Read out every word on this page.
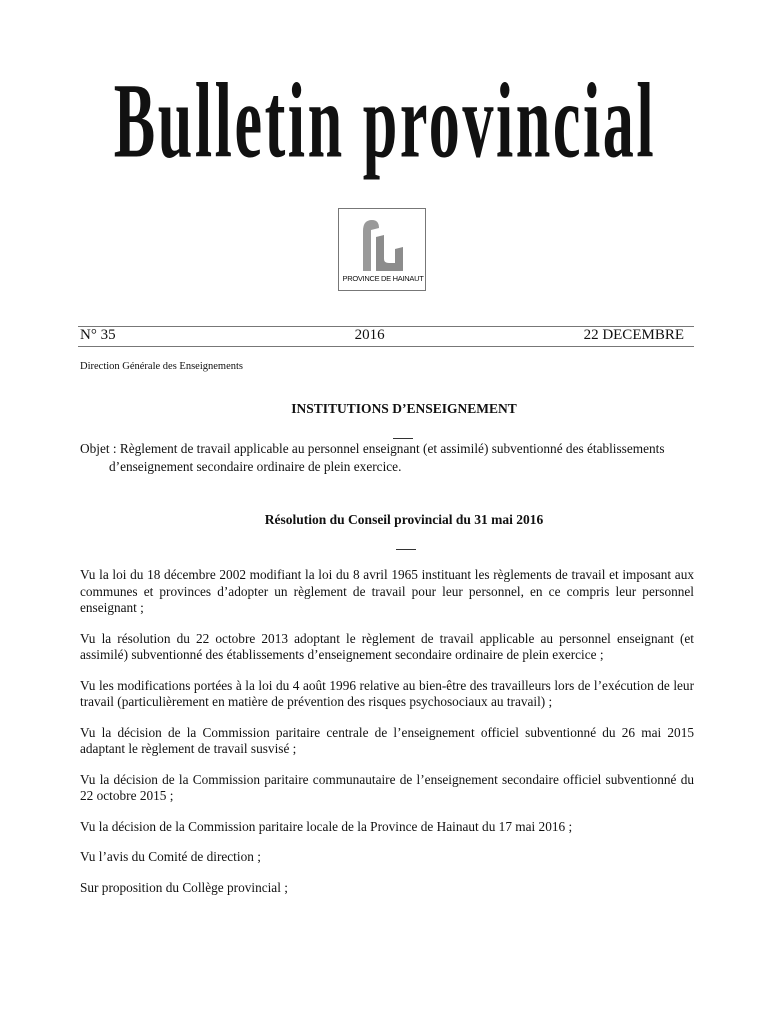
Bulletin provincial
PROVINCE DE HAINAUT
N° 35	2016	22 DECEMBRE
Direction Générale des Enseignements
INSTITUTIONS D’ENSEIGNEMENT
Objet : Règlement de travail applicable au personnel enseignant (et assimilé) subventionné des établissements
d’enseignement secondaire ordinaire de plein exercice.
Résolution du Conseil provincial du 31 mai 2016

Vu la loi du 18 décembre 2002 modifiant la loi du 8 avril 1965 instituant les règlements de travail et imposant aux communes et provinces d’adopter un règlement de travail pour leur personnel, en ce compris leur personnel enseignant ;

Vu la résolution du 22 octobre 2013 adoptant le règlement de travail applicable au personnel enseignant (et assimilé) subventionné des établissements d’enseignement secondaire ordinaire de plein exercice ;

Vu les modifications portées à la loi du 4 août 1996 relative au bien-être des travailleurs lors de l’exécution de leur travail (particulièrement en matière de prévention des risques psychosociaux au travail) ;

Vu la décision de la Commission paritaire centrale de l’enseignement officiel subventionné du 26 mai 2015 adaptant le règlement de travail susvisé ;

Vu la décision de la Commission paritaire communautaire de l’enseignement secondaire officiel subventionné du 22 octobre 2015 ;

Vu la décision de la Commission paritaire locale de la Province de Hainaut du 17 mai 2016 ;

Vu l’avis du Comité de direction ;

Sur proposition du Collège provincial ;
